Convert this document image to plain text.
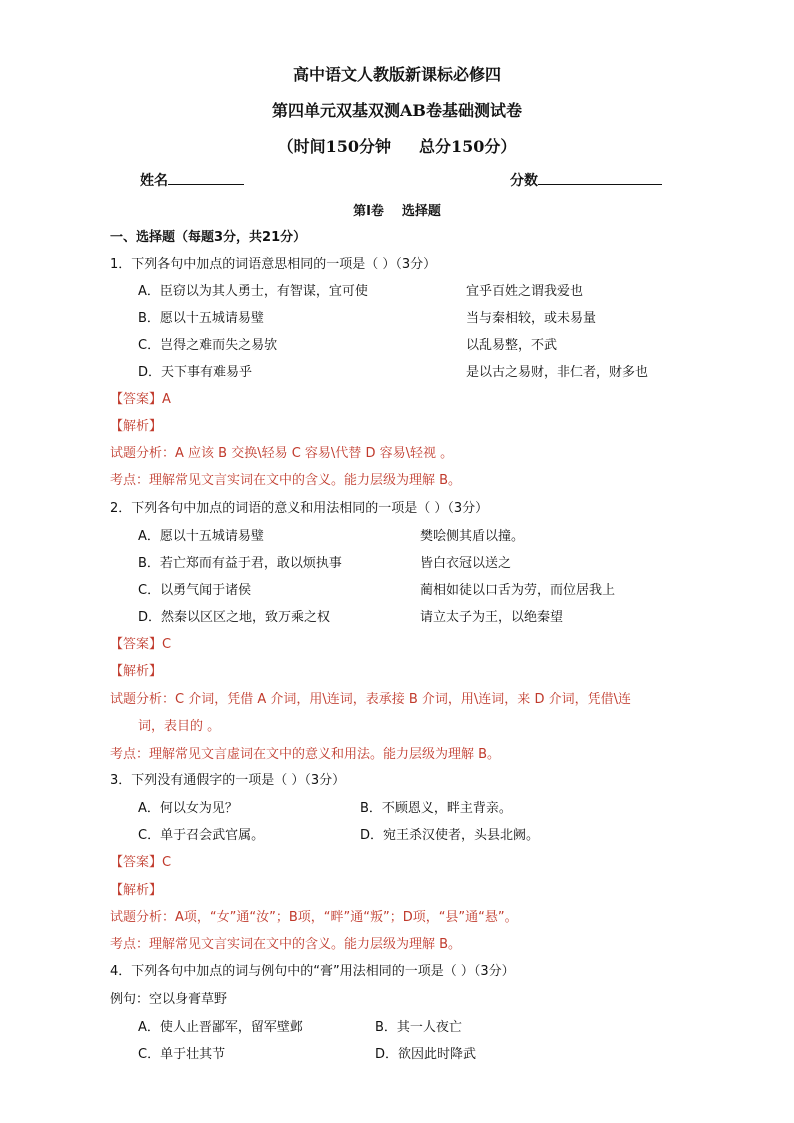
高中语文人教版新课标必修四
第四单元双基双测AB卷基础测试卷
（时间150分钟 总分150分）
姓名	分数
第Ⅰ卷 选择题
一、选择题（每题3分，共21分）
1．下列各句中加点的词语意思相同的一项是（ ）（3分）
A．臣窃以为其人勇士，有智谋，宜可使	宜乎百姓之谓我爱也
B．愿以十五城请易璧	当与秦相较，或未易量
C．岂得之难而失之易欤	以乱易整，不武
D．天下事有难易乎	是以古之易财，非仁者，财多也
【答案】A
【解析】
试题分析：A 应该 B 交换\轻易 C 容易\代替 D 容易\轻视 。
考点：理解常见文言实词在文中的含义。能力层级为理解 B。
2．下列各句中加点的词语的意义和用法相同的一项是（ ）（3分）
A．愿以十五城请易璧	樊哙侧其盾以撞。
B．若亡郑而有益于君，敢以烦执事	皆白衣冠以送之
C．以勇气闻于诸侯	蔺相如徒以口舌为劳，而位居我上
D．然秦以区区之地，致万乘之权	请立太子为王，以绝秦望
【答案】C
【解析】
试题分析：C 介词，凭借 A 介词，用\连词，表承接 B 介词，用\连词，来 D 介词，凭借\连
词，表目的 。
考点：理解常见文言虚词在文中的意义和用法。能力层级为理解 B。
3．下列没有通假字的一项是（ ）（3分）
A．何以女为见？	B．不顾恩义，畔主背亲。
C．单于召会武官属。	D．宛王杀汉使者，头县北阙。
【答案】C
【解析】
试题分析：A项，“女”通“汝”；B项，“畔”通“叛”；D项，“县”通“悬”。
考点：理解常见文言实词在文中的含义。能力层级为理解 B。
4．下列各句中加点的词与例句中的“膏”用法相同的一项是（ ）（3分）
例句：空以身膏草野
A．使人止晋鄙军，留军壁邺	B．其一人夜亡
C．单于壮其节	D．欲因此时降武
